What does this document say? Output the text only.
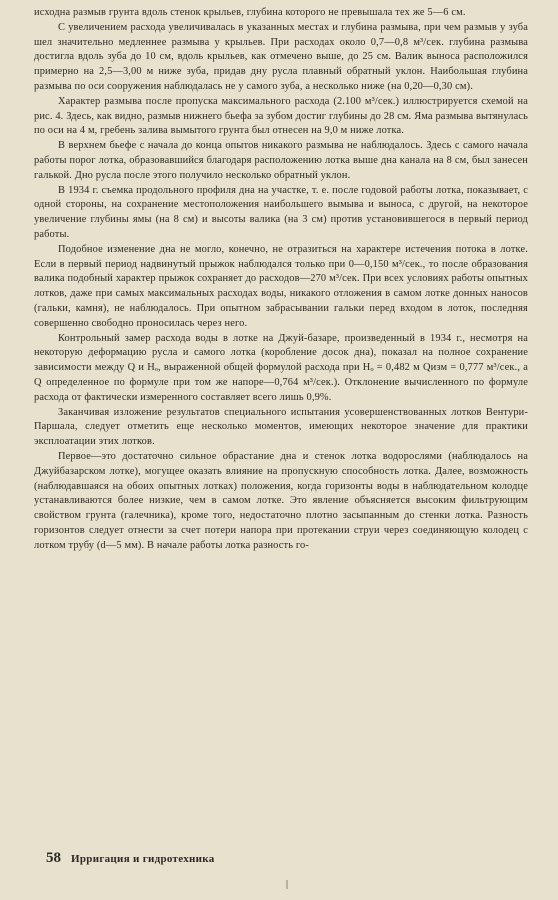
исходна размыв грунта вдоль стенок крыльев, глубина которого не превышала тех же 5—6 см.

С увеличением расхода увеличивалась в указанных местах и глубина размыва, при чем размыв у зуба шел значительно медленнее размыва у крыльев. При расходах около 0,7—0,8 м³/сек. глубина размыва достигла вдоль зуба до 10 см, вдоль крыльев, как отмечено выше, до 25 см. Валик выноса расположился примерно на 2,5—3,00 м ниже зуба, придав дну русла плавный обратный уклон. Наибольшая глубина размыва по оси сооружения наблюдалась не у самого зуба, а несколько ниже (на 0,20—0,30 см).

Характер размыва после пропуска максимального расхода (2.100 м³/сек.) иллюстрируется схемой на рис. 4. Здесь, как видно, размыв нижнего бьефа за зубом достиг глубины до 28 см. Яма размыва вытянулась по оси на 4 м, гребень залива вымытого грунта был отнесен на 9,0 м ниже лотка.

В верхнем бьефе с начала до конца опытов никакого размыва не наблюдалось. Здесь с самого начала работы порог лотка, образовавшийся благодаря расположению лотка выше дна канала на 8 см, был занесен галькой. Дно русла после этого получило несколько обратный уклон.

В 1934 г. съемка продольного профиля дна на участке, т. е. после годовой работы лотка, показывает, с одной стороны, на сохранение местоположения наибольшего вымыва и выноса, с другой, на некоторое увеличение глубины ямы (на 8 см) и высоты валика (на 3 см) против установившегося в первый период работы.

Подобное изменение дна не могло, конечно, не отразиться на характере истечения потока в лотке. Если в первый период надвинутый прыжок наблюдался только при 0—0,150 м³/сек., то после образования валика подобный характер прыжок сохраняет до расходов—270 м³/сек. При всех условиях работы опытных лотков, даже при самых максимальных расходах воды, никакого отложения в самом лотке донных наносов (гальки, камня), не наблюдалось. При опытном забрасывании гальки перед входом в лоток, последняя совершенно свободно проносилась через него.

Контрольный замер расхода воды в лотке на Джуй-базаре, произведенный в 1934 г., несмотря на некоторую деформацию русла и самого лотка (коробление досок дна), показал на полное сохранение зависимости между Q и Hₒ, выраженной общей формулой расхода при Hₒ = 0,482 м Qизм = 0,777 м³/сек., а Q определенное по формуле при том же напоре—0,764 м³/сек.). Отклонение вычисленного по формуле расхода от фактически измеренного составляет всего лишь 0,9%.

Заканчивая изложение результатов специального испытания усовершенствованных лотков Вентури-Паршала, следует отметить еще несколько моментов, имеющих некоторое значение для практики эксплоатации этих лотков.

Первое—это достаточно сильное обрастание дна и стенок лотка водорослями (наблюдалось на Джуйбазарском лотке), могущее оказать влияние на пропускную способность лотка. Далее, возможность (наблюдавшаяся на обоих опытных лотках) положения, когда горизонты воды в наблюдательном колодце устанавливаются более низкие, чем в самом лотке. Это явление объясняется высоким фильтрующим свойством грунта (галечника), кроме того, недостаточно плотно засыпанным до стенки лотка. Разность горизонтов следует отнести за счет потери напора при протекании струи через соединяющую колодец с лотком трубу (d—5 мм). В начале работы лотка разность го-

58 Ирригация и гидротехника
